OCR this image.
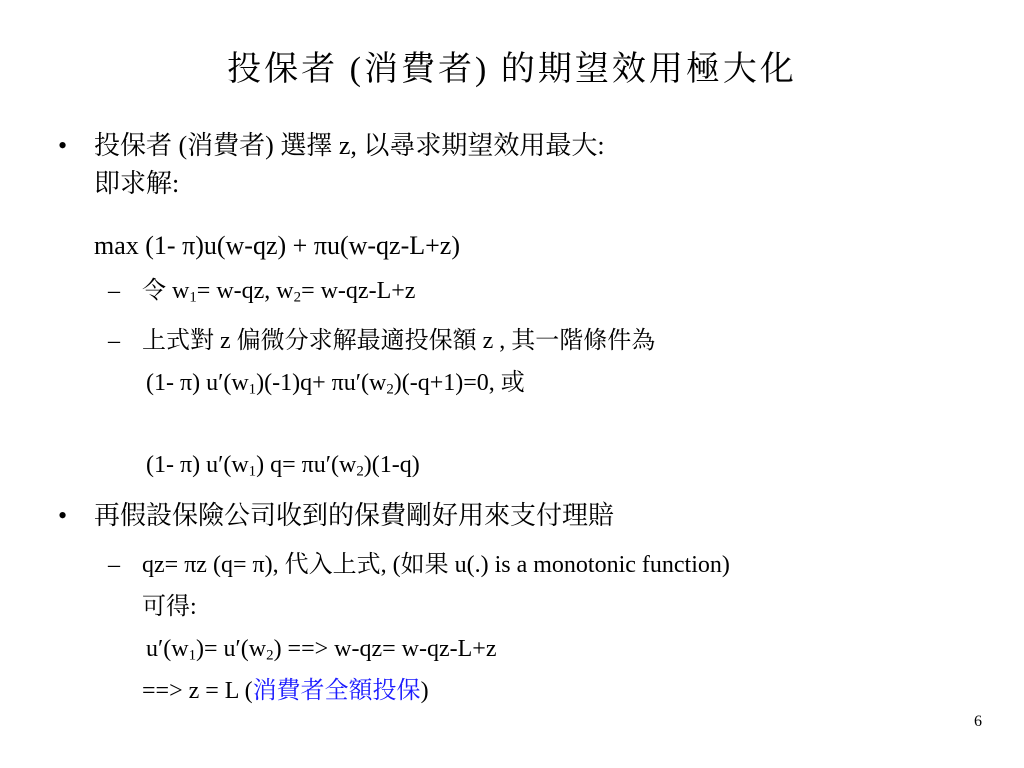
投保者 (消費者) 的期望效用極大化
• 投保者 (消費者) 選擇 z, 以尋求期望效用最大:
即求解:
max (1- π)u(w-qz) + πu(w-qz-L+z)
– 令 $w_1= w-qz$, $w_2= w-qz-L+z$
– 上式對 z 偏微分求解最適投保額 z , 其一階條件為
(1- π) $u'(w_1)(-1)q+ \pi u'(w_2)(-q+1)=0$, 或
(1- π) $u'(w_1)$ $q= \pi u'(w_2)(1-q)$
• 再假設保險公司收到的保費剛好用來支付理賠
– qz= πz (q= π), 代入上式, (如果 u(.) is a monotonic function)
可得:
$u'(w_1)= u'(w_2)$ ==> w-qz= w-qz-L+z
==> z = L (消費者全額投保)
6
